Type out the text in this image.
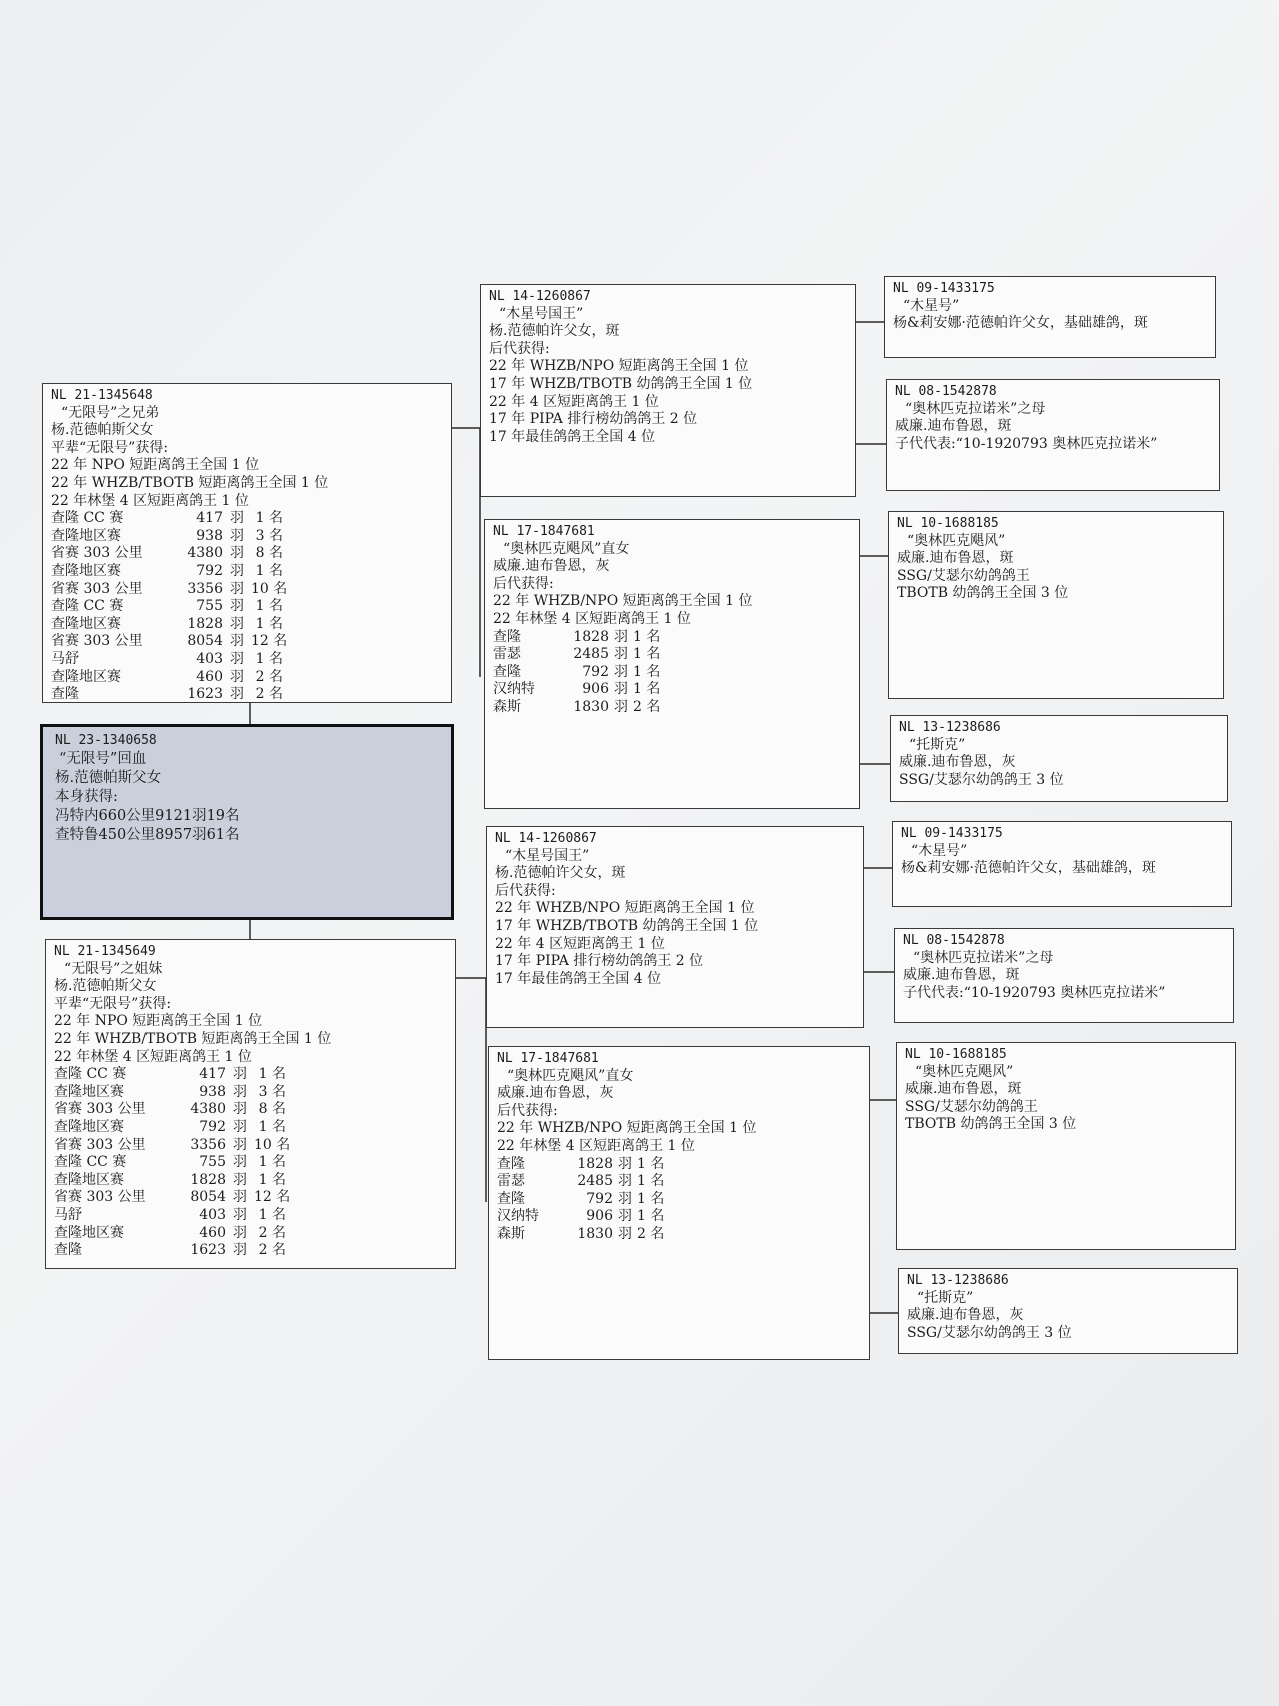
NL 21-1345648
“无限号”之兄弟
杨.范德帕斯父女
平辈“无限号”获得:
22 年 NPO 短距离鸽王全国 1 位
22 年 WHZB/TBOTB 短距离鸽王全国 1 位
22 年林堡 4 区短距离鸽王 1 位
查隆 CC 赛	417 羽 1 名
查隆地区赛	938 羽 3 名
省赛 303 公里	4380 羽 8 名
查隆地区赛	792 羽 1 名
省赛 303 公里	3356 羽 10 名
查隆 CC 赛	755 羽 1 名
查隆地区赛	1828 羽 1 名
省赛 303 公里	8054 羽 12 名
马舒	403 羽 1 名
查隆地区赛	460 羽 2 名
查隆	1623 羽 2 名
NL 23-1340658
“无限号”回血
杨.范德帕斯父女
本身获得:
冯特内660公里9121羽19名
查特鲁450公里8957羽61名
NL 21-1345649
“无限号”之姐妹
杨.范德帕斯父女
平辈“无限号”获得:
22 年 NPO 短距离鸽王全国 1 位
22 年 WHZB/TBOTB 短距离鸽王全国 1 位
22 年林堡 4 区短距离鸽王 1 位
查隆 CC 赛	417 羽 1 名
查隆地区赛	938 羽 3 名
省赛 303 公里	4380 羽 8 名
查隆地区赛	792 羽 1 名
省赛 303 公里	3356 羽 10 名
查隆 CC 赛	755 羽 1 名
查隆地区赛	1828 羽 1 名
省赛 303 公里	8054 羽 12 名
马舒	403 羽 1 名
查隆地区赛	460 羽 2 名
查隆	1623 羽 2 名
NL 14-1260867
“木星号国王”
杨.范德帕许父女，斑
后代获得:
22 年 WHZB/NPO 短距离鸽王全国 1 位
17 年 WHZB/TBOTB 幼鸽鸽王全国 1 位
22 年 4 区短距离鸽王 1 位
17 年 PIPA 排行榜幼鸽鸽王 2 位
17 年最佳鸽鸽王全国 4 位
NL 17-1847681
“奥林匹克飓风”直女
威廉.迪布鲁恩，灰
后代获得:
22 年 WHZB/NPO 短距离鸽王全国 1 位
22 年林堡 4 区短距离鸽王 1 位
查隆	1828 羽 1 名
雷瑟	2485 羽 1 名
查隆	792 羽 1 名
汉纳特	906 羽 1 名
森斯	1830 羽 2 名
NL 14-1260867
“木星号国王”
杨.范德帕许父女，斑
后代获得:
22 年 WHZB/NPO 短距离鸽王全国 1 位
17 年 WHZB/TBOTB 幼鸽鸽王全国 1 位
22 年 4 区短距离鸽王 1 位
17 年 PIPA 排行榜幼鸽鸽王 2 位
17 年最佳鸽鸽王全国 4 位
NL 17-1847681
“奥林匹克飓风”直女
威廉.迪布鲁恩，灰
后代获得:
22 年 WHZB/NPO 短距离鸽王全国 1 位
22 年林堡 4 区短距离鸽王 1 位
查隆	1828 羽 1 名
雷瑟	2485 羽 1 名
查隆	792 羽 1 名
汉纳特	906 羽 1 名
森斯	1830 羽 2 名
NL 09-1433175
“木星号”
杨&莉安娜·范德帕许父女，基础雄鸽，斑
NL 08-1542878
“奥林匹克拉诺米”之母
威廉.迪布鲁恩，斑
子代代表:“10-1920793 奥林匹克拉诺米”
NL 10-1688185
“奥林匹克飓风”
威廉.迪布鲁恩，斑
SSG/艾瑟尔幼鸽鸽王
TBOTB 幼鸽鸽王全国 3 位
NL 13-1238686
“托斯克”
威廉.迪布鲁恩，灰
SSG/艾瑟尔幼鸽鸽王 3 位
NL 09-1433175
“木星号”
杨&莉安娜·范德帕许父女，基础雄鸽，斑
NL 08-1542878
“奥林匹克拉诺米”之母
威廉.迪布鲁恩，斑
子代代表:“10-1920793 奥林匹克拉诺米”
NL 10-1688185
“奥林匹克飓风”
威廉.迪布鲁恩，斑
SSG/艾瑟尔幼鸽鸽王
TBOTB 幼鸽鸽王全国 3 位
NL 13-1238686
“托斯克”
威廉.迪布鲁恩，灰
SSG/艾瑟尔幼鸽鸽王 3 位
